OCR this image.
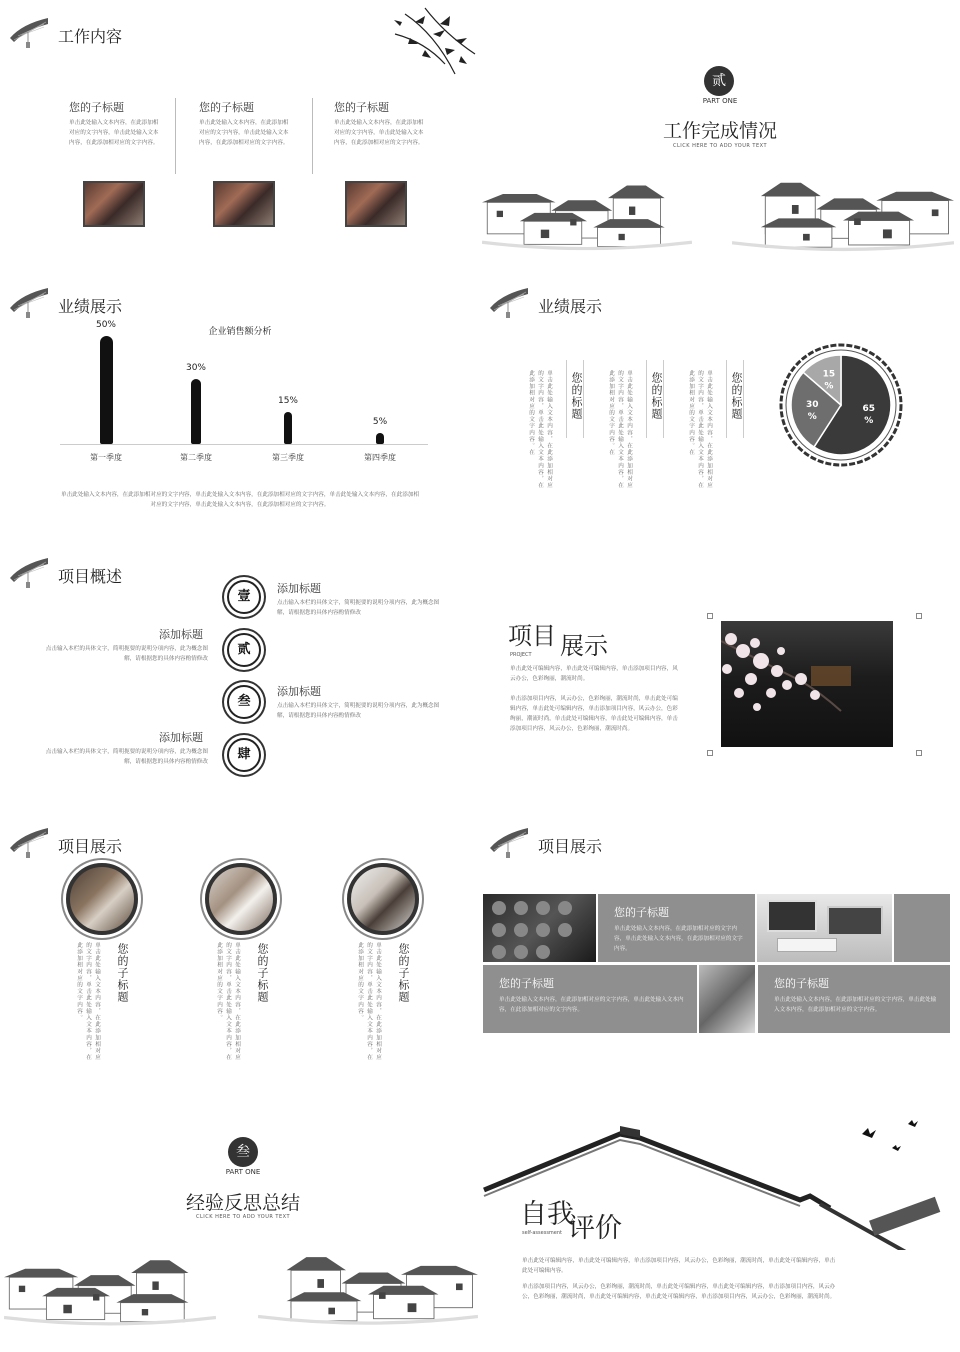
工作内容
您的子标题
单击此处输入文本内容，在此添加相对应的文字内容，单击此处输入文本内容，在此添加相对应的文字内容。
您的子标题
单击此处输入文本内容，在此添加相对应的文字内容，单击此处输入文本内容，在此添加相对应的文字内容。
您的子标题
单击此处输入文本内容，在此添加相对应的文字内容，单击此处输入文本内容，在此添加相对应的文字内容。
贰
PART ONE
工作完成情况
CLICK HERE TO ADD YOUR TEXT
业绩展示
企业销售额分析
50%
第一季度
30%
第二季度
15%
第三季度
5%
第四季度
单击此处输入文本内容，在此添加相对应的文字内容，单击此处输入文本内容，在此添加相对应的文字内容，单击此处输入文本内容，在此添加相对应的文字内容，单击此处输入文本内容，在此添加相对应的文字内容。
业绩展示
单击此处输入文本内容，在此添加相对应的文字内容，单击此处输入文本内容，在此添加相对应的文字内容。在	您的标题	单击此处输入文本内容，在此添加相对应的文字内容，单击此处输入文本内容，在此添加相对应的文字内容。在	您的标题	单击此处输入文本内容，在此添加相对应的文字内容，单击此处输入文本内容，在此添加相对应的文字内容。在	您的标题	65 %
30 %
15 %
项目概述
壹
贰
叁
肆
添加标题
点击输入本栏的具体文字，简明扼要的说明分项内容，此为概念图解，请根据您的具体内容酌情修改
添加标题
点击输入本栏的具体文字，简明扼要的说明分项内容，此为概念图解，请根据您的具体内容酌情修改
添加标题
点击输入本栏的具体文字，简明扼要的说明分项内容，此为概念图解，请根据您的具体内容酌情修改
添加标题
点击输入本栏的具体文字，简明扼要的说明分项内容，此为概念图解，请根据您的具体内容酌情修改
项目 展示
PROJECT
单击此处可编辑内容，单击此处可编辑内容，单击添加项目内容，风云办公，色彩绚丽，潮流时尚。
单击添加项目内容，风云办公，色彩绚丽，潮流时尚，单击此处可编辑内容，单击此处可编辑内容，单击添加项目内容，风云办公，色彩绚丽，潮流时尚，单击此处可编辑内容，单击此处可编辑内容，单击添加项目内容，风云办公，色彩绚丽，潮流时尚。
项目展示
您的子标题
单击此处输入文本内容，在此添加相对应的文字内容，单击此处输入文本内容，在此添加相对应的文字内容。	您的子标题
单击此处输入文本内容，在此添加相对应的文字内容，单击此处输入文本内容，在此添加相对应的文字内容。	您的子标题
单击此处输入文本内容，在此添加相对应的文字内容，单击此处输入文本内容，在此添加相对应的文字内容。
项目展示
您的子标题
单击此处输入文本内容，在此添加相对应的文字内容，单击此处输入文本内容，在此添加相对应的文字内容。
您的子标题
单击此处输入文本内容，在此添加相对应的文字内容，单击此处输入文本内容，在此添加相对应的文字内容。
您的子标题
单击此处输入文本内容，在此添加相对应的文字内容，单击此处输入文本内容，在此添加相对应的文字内容。
叁
PART ONE
经验反思总结
CLICK HERE TO ADD YOUR TEXT	自我
评价
self-assessment
单击此处可编辑内容，单击此处可编辑内容，单击添加项目内容，风云办公，色彩绚丽，潮流时尚，单击此处可编辑内容，单击此处可编辑内容。
单击添加项目内容，风云办公，色彩绚丽，潮流时尚，单击此处可编辑内容，单击此处可编辑内容，单击添加项目内容，风云办公，色彩绚丽，潮流时尚，单击此处可编辑内容，单击此处可编辑内容，单击添加项目内容，风云办公，色彩绚丽，潮流时尚。
